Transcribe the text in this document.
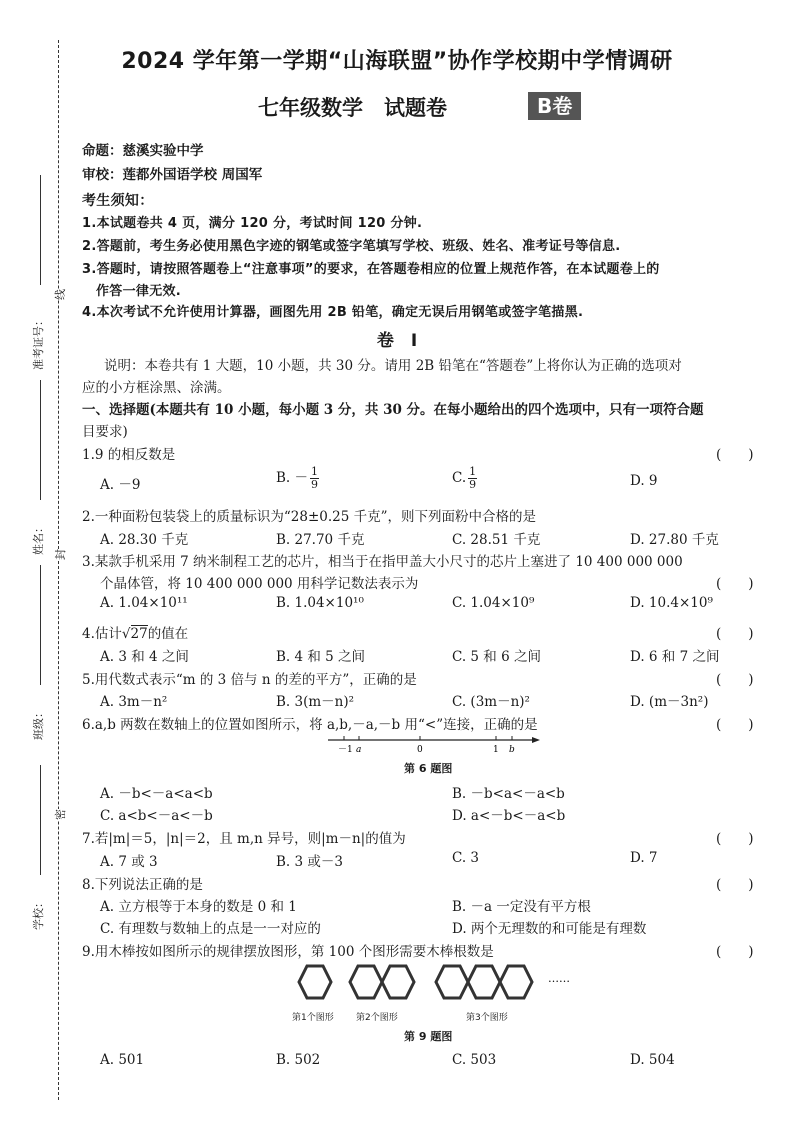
准考证号：
姓名：
班级：
学校：
线
封
密
2024 学年第一学期“山海联盟”协作学校期中学情调研
七年级数学　试题卷	B卷
命题：慈溪实验中学
审校：莲都外国语学校 周国军
考生须知：
1.本试题卷共 4 页，满分 120 分，考试时间 120 分钟.
2.答题前，考生务必使用黑色字迹的钢笔或签字笔填写学校、班级、姓名、准考证号等信息.
3.答题时，请按照答题卷上“注意事项”的要求，在答题卷相应的位置上规范作答，在本试题卷上的
作答一律无效.
4.本次考试不允许使用计算器，画图先用 2B 铅笔，确定无误后用钢笔或签字笔描黑.
卷　Ⅰ
说明：本卷共有 1 大题，10 小题，共 30 分。请用 2B 铅笔在“答题卷”上将你认为正确的选项对
应的小方框涂黑、涂满。
一、选择题(本题共有 10 小题，每小题 3 分，共 30 分。在每小题给出的四个选项中，只有一项符合题
目要求)
1.9 的相反数是	(　　)
A. －9	B. － $\frac{1}{9}$	C. $\frac{1}{9}$	D. 9
2.一种面粉包装袋上的质量标识为“28±0.25 千克”，则下列面粉中合格的是
A. 28.30 千克	B. 27.70 千克	C. 28.51 千克	D. 27.80 千克
3.某款手机采用 7 纳米制程工艺的芯片，相当于在指甲盖大小尺寸的芯片上塞进了 10 400 000 000
个晶体管，将 10 400 000 000 用科学记数法表示为	(　　)
A. 1.04×10¹¹	B. 1.04×10¹⁰	C. 1.04×10⁹	D. 10.4×10⁹
4.估计√27的值在	(　　)
A. 3 和 4 之间	B. 4 和 5 之间	C. 5 和 6 之间	D. 6 和 7 之间
5.用代数式表示“m 的 3 倍与 n 的差的平方”，正确的是	(　　)
A. 3m－n²	B. 3(m－n)²	C. (3m－n)²	D. (m－3n²)
6.a,b 两数在数轴上的位置如图所示，将 a,b,－a,－b 用“<”连接，正确的是	(　　)
－1 a	0	1 b
第 6 题图
A. －b<－a<a<b	B. －b<a<－a<b
C. a<b<－a<－b	D. a<－b<－a<b
7.若|m|＝5，|n|＝2，且 m,n 异号，则|m－n|的值为	(　　)
A. 7 或 3	B. 3 或－3	C. 3	D. 7
8.下列说法正确的是	(　　)
A. 立方根等于本身的数是 0 和 1	B. －a 一定没有平方根
C. 有理数与数轴上的点是一一对应的	D. 两个无理数的和可能是有理数
9.用木棒按如图所示的规律摆放图形，第 100 个图形需要木棒根数是	(　　)
……
第1个图形 第2个图形	第3个图形
第 9 题图
A. 501	B. 502	C. 503	D. 504
